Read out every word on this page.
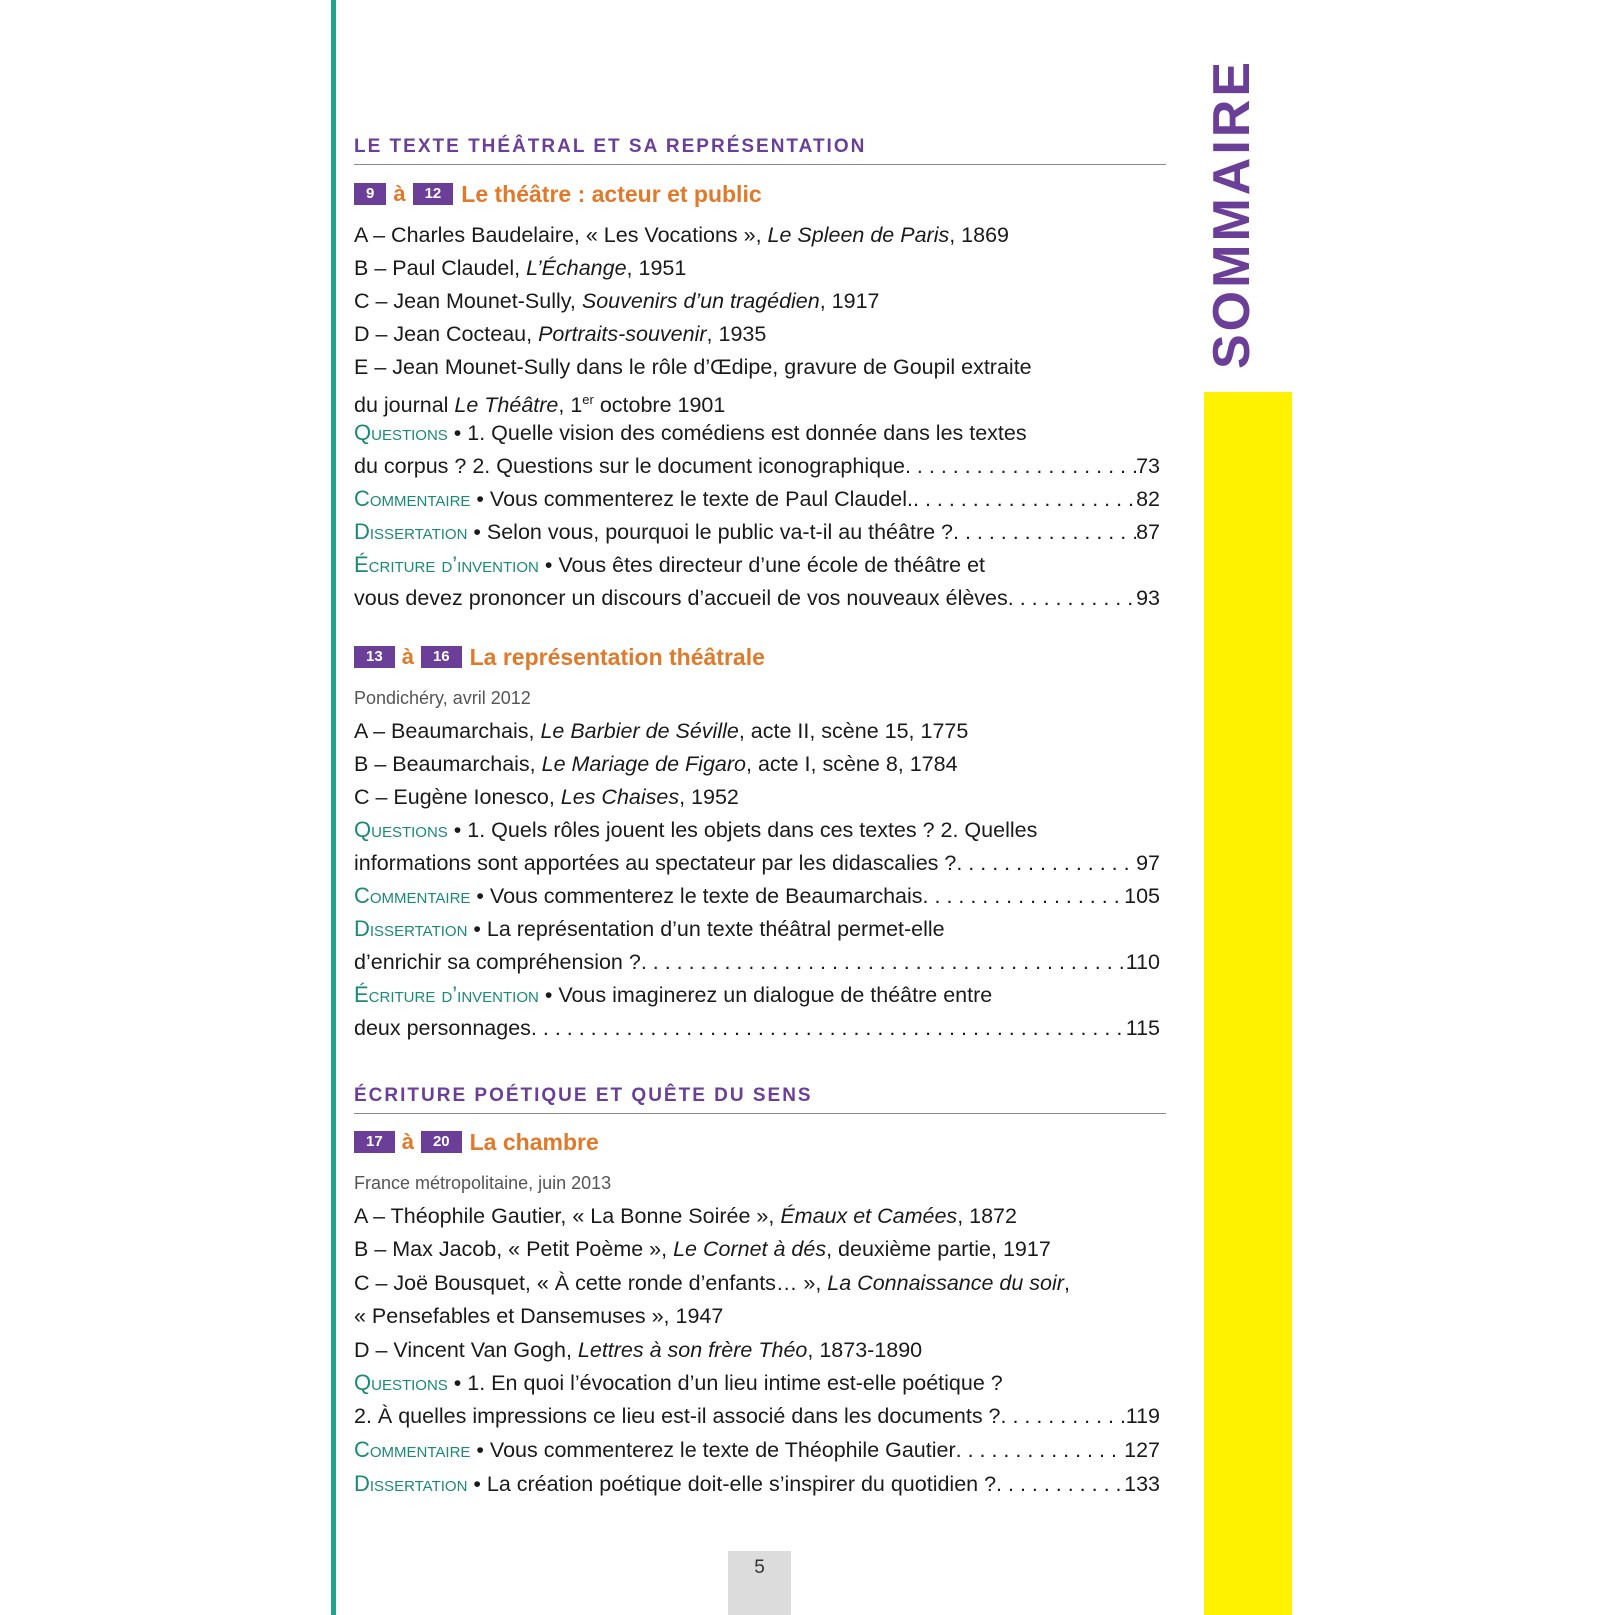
SOMMAIRE
LE TEXTE THÉÂTRAL ET SA REPRÉSENTATION
9 à	12 Le théâtre : acteur et public
A – Charles Baudelaire, « Les Vocations », Le Spleen de Paris, 1869
B – Paul Claudel, L’Échange, 1951
C – Jean Mounet-Sully, Souvenirs d’un tragédien, 1917
D – Jean Cocteau, Portraits-souvenir, 1935
E – Jean Mounet-Sully dans le rôle d’Œdipe, gravure de Goupil extraite
du journal Le Théâtre, 1er octobre 1901
Questions • 1. Quelle vision des comédiens est donnée dans les textes
du corpus ? 2. Questions sur le document iconographique . . .	73
Commentaire • Vous commenterez le texte de Paul Claudel. . . .	82
Dissertation • Selon vous, pourquoi le public va-t-il au théâtre ? . . .	87
Écriture d’invention • Vous êtes directeur d’une école de théâtre et
vous devez prononcer un discours d’accueil de vos nouveaux élèves . . .	93
13 à	16 La représentation théâtrale
Pondichéry, avril 2012
A – Beaumarchais, Le Barbier de Séville, acte II, scène 15, 1775
B – Beaumarchais, Le Mariage de Figaro, acte I, scène 8, 1784
C – Eugène Ionesco, Les Chaises, 1952
Questions • 1. Quels rôles jouent les objets dans ces textes ? 2. Quelles
informations sont apportées au spectateur par les didascalies ? . . .	97
Commentaire • Vous commenterez le texte de Beaumarchais . . .	105
Dissertation • La représentation d’un texte théâtral permet-elle
d’enrichir sa compréhension ? . . .	110
Écriture d’invention • Vous imaginerez un dialogue de théâtre entre
deux personnages . . .	115
ÉCRITURE POÉTIQUE ET QUÊTE DU SENS
17 à	20 La chambre
France métropolitaine, juin 2013
A – Théophile Gautier, « La Bonne Soirée », Émaux et Camées, 1872
B – Max Jacob, « Petit Poème », Le Cornet à dés, deuxième partie, 1917
C – Joë Bousquet, « À cette ronde d’enfants… », La Connaissance du soir,
« Pensefables et Dansemuses », 1947
D – Vincent Van Gogh, Lettres à son frère Théo, 1873-1890
Questions • 1. En quoi l’évocation d’un lieu intime est-elle poétique ?
2. À quelles impressions ce lieu est-il associé dans les documents ? . . .	119
Commentaire • Vous commenterez le texte de Théophile Gautier . . .	127
Dissertation • La création poétique doit-elle s’inspirer du quotidien ? . . .	133
5
